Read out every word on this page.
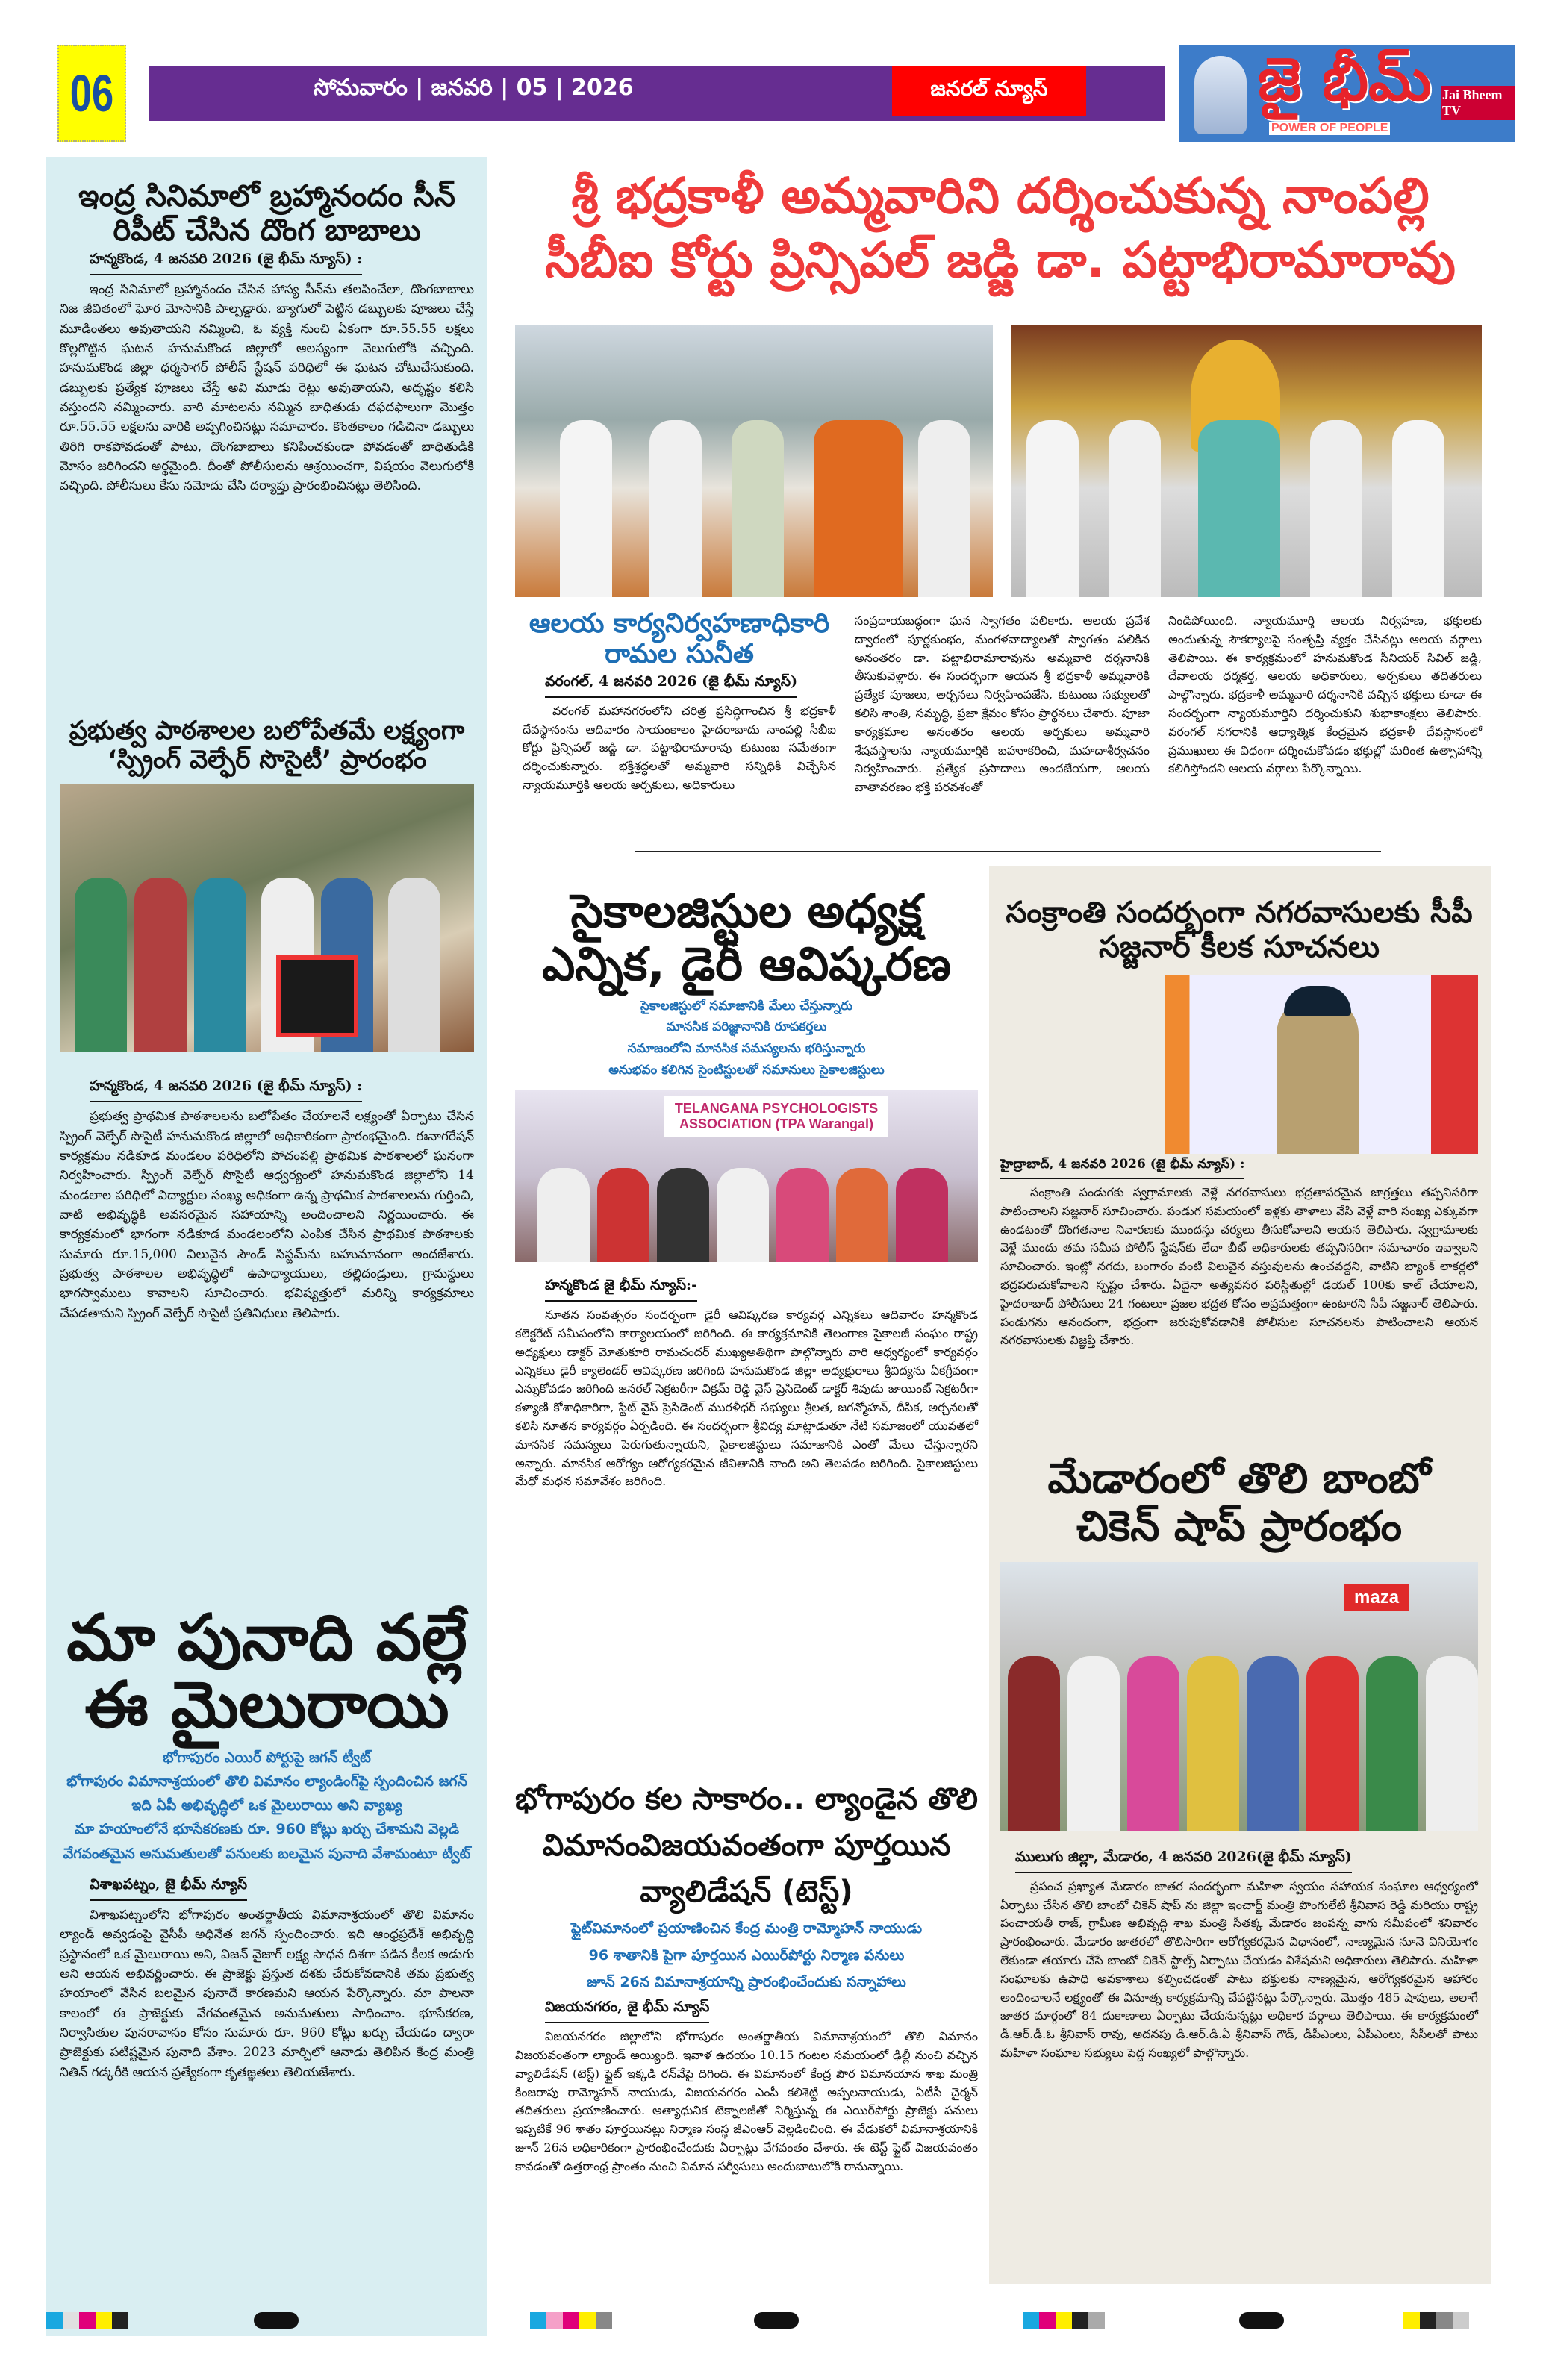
06	సోమవారం | జనవరి | 05 | 2026	జనరల్ న్యూస్	జై భీమ్
POWER OF PEOPLE
Jai Bheem TV
ఇంద్ర సినిమాలో బ్రహ్మానందం సీన్ రిపీట్ చేసిన దొంగ బాబాలు
హన్మకొండ, 4 జనవరి 2026 (జై భీమ్ న్యూస్) :

ఇంద్ర సినిమాలో బ్రహ్మానందం చేసిన హాస్య సీన్‌ను తలపించేలా, దొంగబాబాలు నిజ జీవితంలో ఘోర మోసానికి పాల్పడ్డారు. బ్యాగులో పెట్టిన డబ్బులకు పూజలు చేస్తే మూడింతలు అవుతాయని నమ్మించి, ఓ వ్యక్తి నుంచి ఏకంగా రూ.55.55 లక్షలు కొల్లగొట్టిన ఘటన హనుమకొండ జిల్లాలో ఆలస్యంగా వెలుగులోకి వచ్చింది. హనుమకొండ జిల్లా ధర్మసాగర్ పోలీస్ స్టేషన్ పరిధిలో ఈ ఘటన చోటుచేసుకుంది. డబ్బులకు ప్రత్యేక పూజలు చేస్తే అవి మూడు రెట్లు అవుతాయని, అదృష్టం కలిసి వస్తుందని నమ్మించారు. వారి మాటలను నమ్మిన బాధితుడు దఫదఫాలుగా మొత్తం రూ.55.55 లక్షలను వారికి అప్పగించినట్లు సమాచారం. కొంతకాలం గడిచినా డబ్బులు తిరిగి రాకపోవడంతో పాటు, దొంగబాబాలు కనిపించకుండా పోవడంతో బాధితుడికి మోసం జరిగిందని అర్థమైంది. దీంతో పోలీసులను ఆశ్రయించగా, విషయం వెలుగులోకి వచ్చింది. పోలీసులు కేసు నమోదు చేసి దర్యాప్తు ప్రారంభించినట్లు తెలిసింది.

ప్రభుత్వ పాఠశాలల బలోపేతమే లక్ష్యంగా ‘స్ప్రింగ్ వెల్ఫేర్ సొసైటీ’ ప్రారంభం
హన్మకొండ, 4 జనవరి 2026 (జై భీమ్ న్యూస్) :

ప్రభుత్వ ప్రాథమిక పాఠశాలలను బలోపేతం చేయాలనే లక్ష్యంతో ఏర్పాటు చేసిన స్ప్రింగ్ వెల్ఫేర్ సొసైటీ హనుమకొండ జిల్లాలో అధికారికంగా ప్రారంభమైంది. ఈనాగరేషన్ కార్యక్రమం నడికూడ మండలం పరిధిలోని పోచంపల్లి ప్రాథమిక పాఠశాలలో ఘనంగా నిర్వహించారు. స్ప్రింగ్ వెల్ఫేర్ సొసైటీ ఆధ్వర్యంలో హనుమకొండ జిల్లాలోని 14 మండలాల పరిధిలో విద్యార్థుల సంఖ్య అధికంగా ఉన్న ప్రాథమిక పాఠశాలలను గుర్తించి, వాటి అభివృద్ధికి అవసరమైన సహాయాన్ని అందించాలని నిర్ణయించారు. ఈ కార్యక్రమంలో భాగంగా నడికూడ మండలంలోని ఎంపిక చేసిన ప్రాథమిక పాఠశాలకు సుమారు రూ.15,000 విలువైన సౌండ్ సిస్టమ్‌ను బహుమానంగా అందజేశారు. ప్రభుత్వ పాఠశాలల అభివృద్ధిలో ఉపాధ్యాయులు, తల్లిదండ్రులు, గ్రామస్థులు భాగస్వాములు కావాలని సూచించారు. భవిష్యత్తులో మరిన్ని కార్యక్రమాలు చేపడతామని స్ప్రింగ్ వెల్ఫేర్ సొసైటీ ప్రతినిధులు తెలిపారు.

మా పునాది వల్లే ఈ మైలురాయి
భోగాపురం ఎయిర్ పోర్టుపై జగన్ ట్వీట్
భోగాపురం విమానాశ్రయంలో తొలి విమానం ల్యాండింగ్‌పై స్పందించిన జగన్
ఇది ఏపీ అభివృద్ధిలో ఒక మైలురాయి అని వ్యాఖ్య
మా హయాంలోనే భూసేకరణకు రూ. 960 కోట్లు ఖర్చు చేశామని వెల్లడి
వేగవంతమైన అనుమతులతో పనులకు బలమైన పునాది వేశామంటూ ట్వీట్
విశాఖపట్నం, జై భీమ్ న్యూస్

విశాఖపట్నంలోని భోగాపురం అంతర్జాతీయ విమానాశ్రయంలో తొలి విమానం ల్యాండ్ అవ్వడంపై వైసీపీ అధినేత జగన్ స్పందించారు. ఇది ఆంధ్రప్రదేశ్ అభివృద్ధి ప్రస్థానంలో ఒక మైలురాయి అని, విజన్ వైజాగ్ లక్ష్య సాధన దిశగా పడిన కీలక అడుగు అని ఆయన అభివర్ణించారు. ఈ ప్రాజెక్టు ప్రస్తుత దశకు చేరుకోవడానికి తమ ప్రభుత్వ హయాంలో వేసిన బలమైన పునాదే కారణమని ఆయన పేర్కొన్నారు. మా పాలనా కాలంలో ఈ ప్రాజెక్టుకు వేగవంతమైన అనుమతులు సాధించాం. భూసేకరణ, నిర్వాసితుల పునరావాసం కోసం సుమారు రూ. 960 కోట్లు ఖర్చు చేయడం ద్వారా ప్రాజెక్టుకు పటిష్టమైన పునాది వేశాం. 2023 మార్చిలో ఆనాడు తెలిపిన కేంద్ర మంత్రి నితిన్ గడ్కరీకి ఆయన ప్రత్యేకంగా కృతజ్ఞతలు తెలియజేశారు.

శ్రీ భద్రకాళీ అమ్మవారిని దర్శించుకున్న నాంపల్లి సీబీఐ కోర్టు ప్రిన్సిపల్ జడ్జి డా. పట్టాభిరామారావు
ఆలయ కార్యనిర్వహణాధికారి రామల సునీత
వరంగల్, 4 జనవరి 2026 (జై భీమ్ న్యూస్)

వరంగల్ మహానగరంలోని చరిత్ర ప్రసిద్ధిగాంచిన శ్రీ భద్రకాళీ దేవస్థానంను ఆదివారం సాయంకాలం హైదరాబాదు నాంపల్లి సీబీఐ కోర్టు ప్రిన్సిపల్ జడ్జి డా. పట్టాభిరామారావు కుటుంబ సమేతంగా దర్శించుకున్నారు. భక్తిశ్రద్ధలతో అమ్మవారి సన్నిధికి విచ్చేసిన న్యాయమూర్తికి ఆలయ అర్చకులు, అధికారులు

సంప్రదాయబద్ధంగా ఘన స్వాగతం పలికారు. ఆలయ ప్రవేశ ద్వారంలో పూర్ణకుంభం, మంగళవాద్యాలతో స్వాగతం పలికిన అనంతరం డా. పట్టాభిరామారావును అమ్మవారి దర్శనానికి తీసుకువెళ్లారు. ఈ సందర్భంగా ఆయన శ్రీ భద్రకాళీ అమ్మవారికి ప్రత్యేక పూజలు, అర్చనలు నిర్వహింపజేసి, కుటుంబ సభ్యులతో కలిసి శాంతి, సమృద్ధి, ప్రజా క్షేమం కోసం ప్రార్థనలు చేశారు. పూజా కార్యక్రమాల అనంతరం ఆలయ అర్చకులు అమ్మవారి శేషవస్త్రాలను న్యాయమూర్తికి బహూకరించి, మహదాశీర్వచనం నిర్వహించారు. ప్రత్యేక ప్రసాదాలు అందజేయగా, ఆలయ వాతావరణం భక్తి పరవశంతో

నిండిపోయింది. న్యాయమూర్తి ఆలయ నిర్వహణ, భక్తులకు అందుతున్న సౌకర్యాలపై సంతృప్తి వ్యక్తం చేసినట్లు ఆలయ వర్గాలు తెలిపాయి. ఈ కార్యక్రమంలో హనుమకొండ సీనియర్ సివిల్ జడ్జి, దేవాలయ ధర్మకర్త, ఆలయ అధికారులు, అర్చకులు తదితరులు పాల్గొన్నారు. భద్రకాళీ అమ్మవారి దర్శనానికి వచ్చిన భక్తులు కూడా ఈ సందర్భంగా న్యాయమూర్తిని దర్శించుకుని శుభాకాంక్షలు తెలిపారు. వరంగల్ నగరానికి ఆధ్యాత్మిక కేంద్రమైన భద్రకాళీ దేవస్థానంలో ప్రముఖులు ఈ విధంగా దర్శించుకోవడం భక్తుల్లో మరింత ఉత్సాహాన్ని కలిగిస్తోందని ఆలయ వర్గాలు పేర్కొన్నాయి.

సైకాలజిస్టుల అధ్యక్ష ఎన్నిక, డైరీ ఆవిష్కరణ
సైకాలజిస్టులో సమాజానికి మేలు చేస్తున్నారు
మానసిక పరిజ్ఞానానికి రూపకర్తలు
సమాజంలోని మానసిక సమస్యలను భరిస్తున్నారు
అనుభవం కలిగిన సైంటిస్టులతో సమానులు సైకాలజిస్టులు
TELANGANA PSYCHOLOGISTS ASSOCIATION (TPA Warangal)
హన్మకొండ జై భీమ్ న్యూస్:-

నూతన సంవత్సరం సందర్భంగా డైరీ ఆవిష్కరణ కార్యవర్గ ఎన్నికలు ఆదివారం హన్మకొండ కలెక్టరేట్ సమీపంలోని కార్యాలయంలో జరిగింది. ఈ కార్యక్రమానికి తెలంగాణ సైకాలజీ సంఘం రాష్ట్ర అధ్యక్షులు డాక్టర్ మోతుకూరి రామచందర్ ముఖ్యఅతిథిగా పాల్గొన్నారు వారి ఆధ్వర్యంలో కార్యవర్గం ఎన్నికలు డైరీ క్యాలెండర్ ఆవిష్కరణ జరిగింది హనుమకొండ జిల్లా అధ్యక్షురాలు శ్రీవిద్యను ఏకగ్రీవంగా ఎన్నుకోవడం జరిగింది జనరల్ సెక్రటరీగా విక్రమ్ రెడ్డి వైస్ ప్రెసిడెంట్ డాక్టర్ శివుడు జాయింట్ సెక్రటరీగా కళ్యాణి కోశాధికారిగా, స్టేట్ వైస్ ప్రెసిడెంట్ మురళీధర్ సభ్యులు శ్రీలత, జగన్మోహన్, దీపిక, అర్చనలతో కలిసి నూతన కార్యవర్గం ఏర్పడింది. ఈ సందర్భంగా శ్రీవిద్య మాట్లాడుతూ నేటి సమాజంలో యువతలో మానసిక సమస్యలు పెరుగుతున్నాయని, సైకాలజిస్టులు సమాజానికి ఎంతో మేలు చేస్తున్నారని అన్నారు. మానసిక ఆరోగ్యం ఆరోగ్యకరమైన జీవితానికి నాంది అని తెలపడం జరిగింది. సైకాలజిస్టులు మేధో మధన సమావేశం జరిగింది.

భోగాపురం కల సాకారం.. ల్యాండైన తొలి విమానంవిజయవంతంగా పూర్తయిన వ్యాలిడేషన్ (టెస్ట్)
ఫ్లైట్‌విమానంలో ప్రయాణించిన కేంద్ర మంత్రి రామ్మోహన్ నాయుడు
96 శాతానికి పైగా పూర్తయిన ఎయిర్‌పోర్టు నిర్మాణ పనులు
జూన్ 26న విమానాశ్రయాన్ని ప్రారంభించేందుకు సన్నాహాలు
విజయనగరం, జై భీమ్ న్యూస్

విజయనగరం జిల్లాలోని భోగాపురం అంతర్జాతీయ విమానాశ్రయంలో తొలి విమానం విజయవంతంగా ల్యాండ్ అయ్యింది. ఇవాళ ఉదయం 10.15 గంటల సమయంలో ఢిల్లీ నుంచి వచ్చిన వ్యాలిడేషన్ (టెస్ట్) ఫ్లైట్ ఇక్కడి రన్‌వేపై దిగింది. ఈ విమానంలో కేంద్ర పౌర విమానయాన శాఖ మంత్రి కింజరాపు రామ్మోహన్ నాయుడు, విజయనగరం ఎంపీ కలిశెట్టి అప్పలనాయుడు, ఏటీసీ చైర్మన్ తదితరులు ప్రయాణించారు. అత్యాధునిక టెక్నాలజీతో నిర్మిస్తున్న ఈ ఎయిర్‌పోర్టు ప్రాజెక్టు పనులు ఇప్పటికే 96 శాతం పూర్తయినట్లు నిర్మాణ సంస్థ జీఎంఆర్ వెల్లడించింది. ఈ వేడుకలో విమానాశ్రయానికి జూన్ 26న అధికారికంగా ప్రారంభించేందుకు ఏర్పాట్లు వేగవంతం చేశారు. ఈ టెస్ట్ ఫ్లైట్ విజయవంతం కావడంతో ఉత్తరాంధ్ర ప్రాంతం నుంచి విమాన సర్వీసులు అందుబాటులోకి రానున్నాయి.

సంక్రాంతి సందర్భంగా నగరవాసులకు సీపీ సజ్జనార్ కీలక సూచనలు
హైద్రాబాద్, 4 జనవరి 2026 (జై భీమ్ న్యూస్) :

సంక్రాంతి పండుగకు స్వగ్రామాలకు వెళ్లే నగరవాసులు భద్రతాపరమైన జాగ్రత్తలు తప్పనిసరిగా పాటించాలని సజ్జనార్ సూచించారు. పండుగ సమయంలో ఇళ్లకు తాళాలు వేసి వెళ్లే వారి సంఖ్య ఎక్కువగా ఉండటంతో దొంగతనాల నివారణకు ముందస్తు చర్యలు తీసుకోవాలని ఆయన తెలిపారు. స్వగ్రామాలకు వెళ్లే ముందు తమ సమీప పోలీస్ స్టేషన్‌కు లేదా బీట్ అధికారులకు తప్పనిసరిగా సమాచారం ఇవ్వాలని సూచించారు. ఇంట్లో నగదు, బంగారం వంటి విలువైన వస్తువులను ఉంచవద్దని, వాటిని బ్యాంక్ లాకర్లలో భద్రపరుచుకోవాలని స్పష్టం చేశారు. ఏదైనా అత్యవసర పరిస్థితుల్లో డయల్ 100కు కాల్ చేయాలని, హైదరాబాద్ పోలీసులు 24 గంటలూ ప్రజల భద్రత కోసం అప్రమత్తంగా ఉంటారని సీపీ సజ్జనార్ తెలిపారు. పండుగను ఆనందంగా, భద్రంగా జరుపుకోవడానికి పోలీసుల సూచనలను పాటించాలని ఆయన నగరవాసులకు విజ్ఞప్తి చేశారు.

మేడారంలో తొలి బాంబో చికెన్ షాప్ ప్రారంభం
maza
ములుగు జిల్లా, మేడారం, 4 జనవరి 2026(జై భీమ్ న్యూస్)

ప్రపంచ ప్రఖ్యాత మేడారం జాతర సందర్భంగా మహిళా స్వయం సహాయక సంఘాల ఆధ్వర్యంలో ఏర్పాటు చేసిన తొలి బాంబో చికెన్ షాప్ ను జిల్లా ఇంచార్జ్ మంత్రి పొంగులేటి శ్రీనివాస రెడ్డి మరియు రాష్ట్ర పంచాయతీ రాజ్, గ్రామీణ అభివృద్ధి శాఖ మంత్రి సీతక్క మేడారం జంపన్న వాగు సమీపంలో శనివారం ప్రారంభించారు. మేడారం జాతరలో తొలిసారిగా ఆరోగ్యకరమైన విధానంలో, నాణ్యమైన నూనె వినియోగం లేకుండా తయారు చేసే బాంబో చికెన్ స్టాల్స్ ఏర్పాటు చేయడం విశేషమని అధికారులు తెలిపారు. మహిళా సంఘాలకు ఉపాధి అవకాశాలు కల్పించడంతో పాటు భక్తులకు నాణ్యమైన, ఆరోగ్యకరమైన ఆహారం అందించాలనే లక్ష్యంతో ఈ వినూత్న కార్యక్రమాన్ని చేపట్టినట్లు పేర్కొన్నారు. మొత్తం 485 షాపులు, అలాగే జాతర మార్గంలో 84 దుకాణాలు ఏర్పాటు చేయనున్నట్లు అధికార వర్గాలు తెలిపాయి. ఈ కార్యక్రమంలో డీ.ఆర్.డీ.ఓ శ్రీనివాస్ రావు, అదనపు డి.ఆర్.డి.ఏ శ్రీనివాస్ గౌడ్, డీపీఎంలు, ఏపీఎంలు, సీసీలతో పాటు మహిళా సంఘాల సభ్యులు పెద్ద సంఖ్యలో పాల్గొన్నారు.
